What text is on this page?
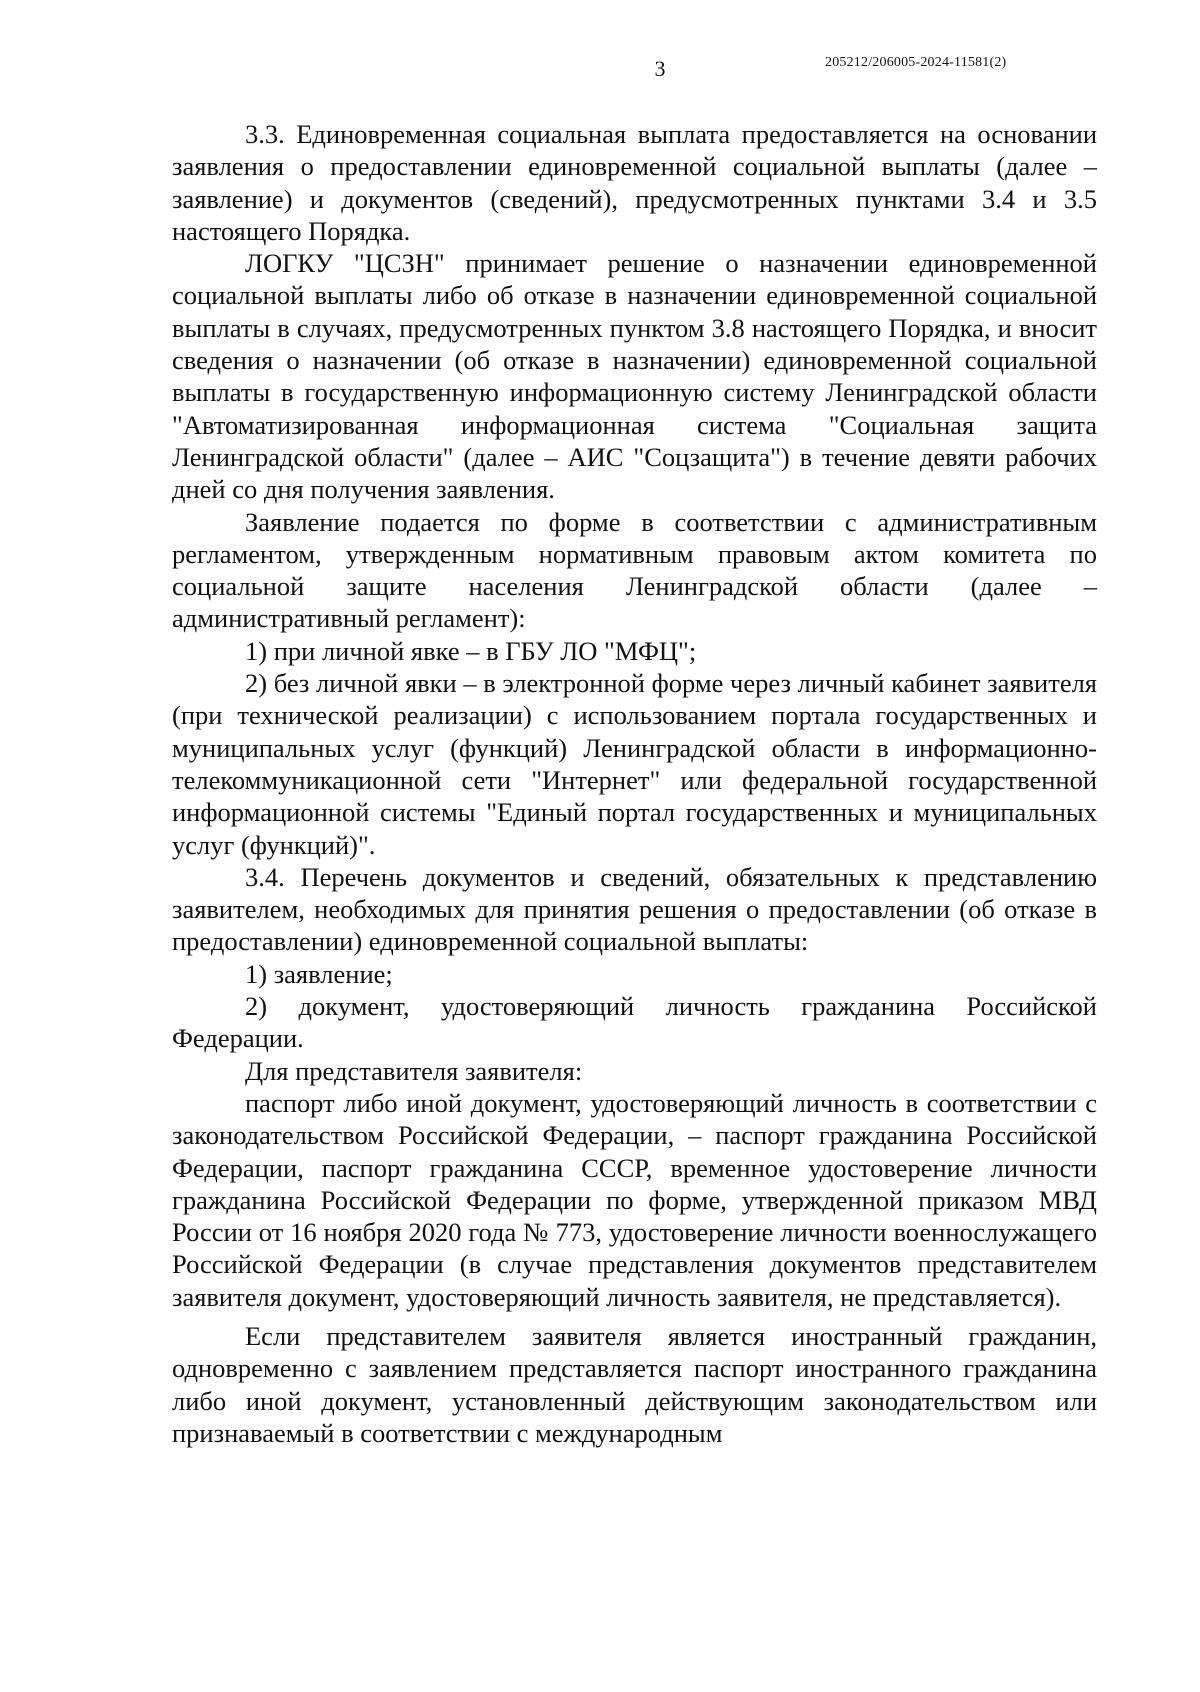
3	205212/206005-2024-11581(2)

3.3. Единовременная социальная выплата предоставляется на основании заявления о предоставлении единовременной социальной выплаты (далее – заявление) и документов (сведений), предусмотренных пунктами 3.4 и 3.5 настоящего Порядка.

ЛОГКУ "ЦСЗН" принимает решение о назначении единовременной социальной выплаты либо об отказе в назначении единовременной социальной выплаты в случаях, предусмотренных пунктом 3.8 настоящего Порядка, и вносит сведения о назначении (об отказе в назначении) единовременной социальной выплаты в государственную информационную систему Ленинградской области "Автоматизированная информационная система "Социальная защита Ленинградской области" (далее – АИС "Соцзащита") в течение девяти рабочих дней со дня получения заявления.

Заявление подается по форме в соответствии с административным регламентом, утвержденным нормативным правовым актом комитета по социальной защите населения Ленинградской области (далее – административный регламент):

1) при личной явке – в ГБУ ЛО "МФЦ";

2) без личной явки – в электронной форме через личный кабинет заявителя (при технической реализации) с использованием портала государственных и муниципальных услуг (функций) Ленинградской области в информационно-телекоммуникационной сети "Интернет" или федеральной государственной информационной системы "Единый портал государственных и муниципальных услуг (функций)".

3.4. Перечень документов и сведений, обязательных к представлению заявителем, необходимых для принятия решения о предоставлении (об отказе в предоставлении) единовременной социальной выплаты:

1) заявление;

2) документ, удостоверяющий личность гражданина Российской Федерации.

Для представителя заявителя:

паспорт либо иной документ, удостоверяющий личность в соответствии с законодательством Российской Федерации, – паспорт гражданина Российской Федерации, паспорт гражданина СССР, временное удостоверение личности гражданина Российской Федерации по форме, утвержденной приказом МВД России от 16 ноября 2020 года № 773, удостоверение личности военнослужащего Российской Федерации (в случае представления документов представителем заявителя документ, удостоверяющий личность заявителя, не представляется).

Если представителем заявителя является иностранный гражданин, одновременно с заявлением представляется паспорт иностранного гражданина либо иной документ, установленный действующим законодательством или признаваемый в соответствии с международным
